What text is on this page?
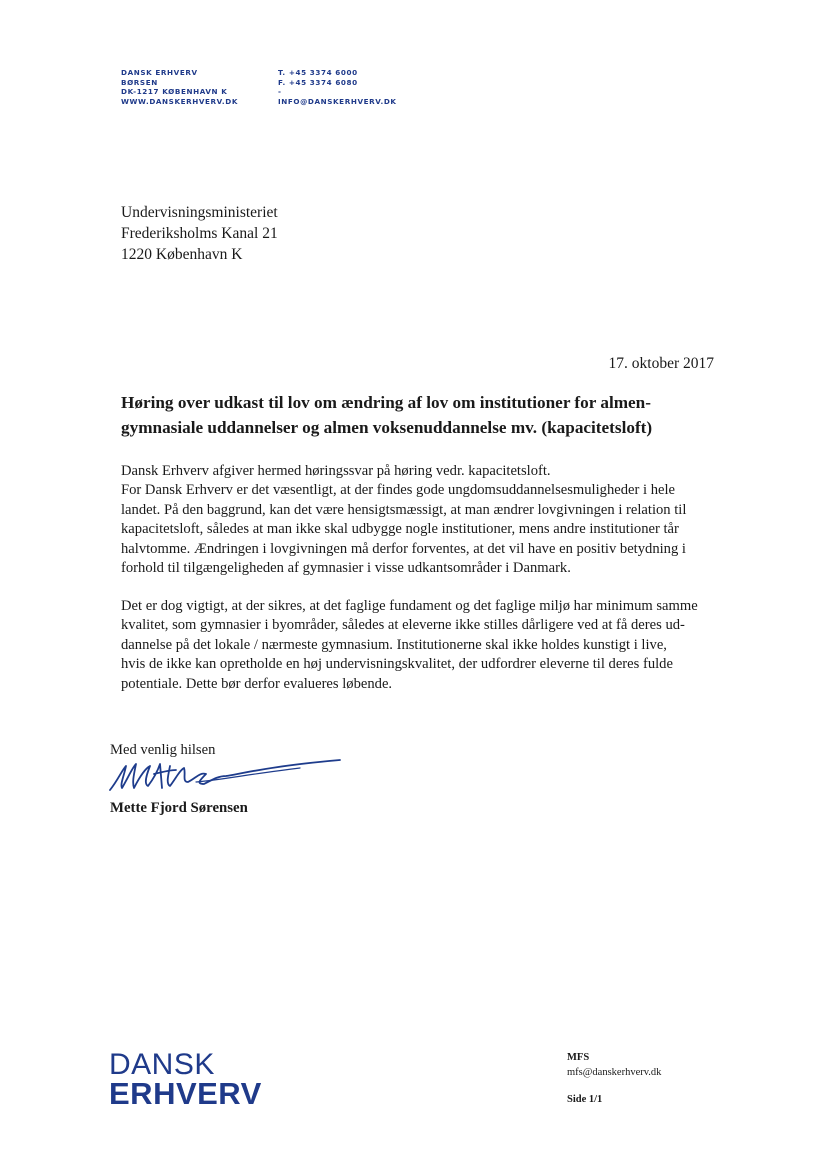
DANSK ERHVERV
BØRSEN
DK-1217 KØBENHAVN K
WWW.DANSKERHVERV.DK
T. +45 3374 6000
F. +45 3374 6080
-
INFO@DANSKERHVERV.DK
Undervisningsministeriet
Frederiksholms Kanal 21
1220 København K
17. oktober 2017
Høring over udkast til lov om ændring af lov om institutioner for almen-
gymnasiale uddannelser og almen voksenuddannelse mv. (kapacitetsloft)
Dansk Erhverv afgiver hermed høringssvar på høring vedr. kapacitetsloft.
For Dansk Erhverv er det væsentligt, at der findes gode ungdomsuddannelsesmuligheder i hele
landet. På den baggrund, kan det være hensigtsmæssigt, at man ændrer lovgivningen i relation til
kapacitetsloft, således at man ikke skal udbygge nogle institutioner, mens andre institutioner tår
halvtomme. Ændringen i lovgivningen må derfor forventes, at det vil have en positiv betydning i
forhold til tilgængeligheden af gymnasier i visse udkantsområder i Danmark.
Det er dog vigtigt, at der sikres, at det faglige fundament og det faglige miljø har minimum samme
kvalitet, som gymnasier i byområder, således at eleverne ikke stilles dårligere ved at få deres ud-
dannelse på det lokale / nærmeste gymnasium. Institutionerne skal ikke holdes kunstigt i live,
hvis de ikke kan opretholde en høj undervisningskvalitet, der udfordrer eleverne til deres fulde
potentiale. Dette bør derfor evalueres løbende.
Med venlig hilsen
Mette Fjord Sørensen
DANSK
ERHVERV
MFS
mfs@danskerhverv.dk
Side 1/1
